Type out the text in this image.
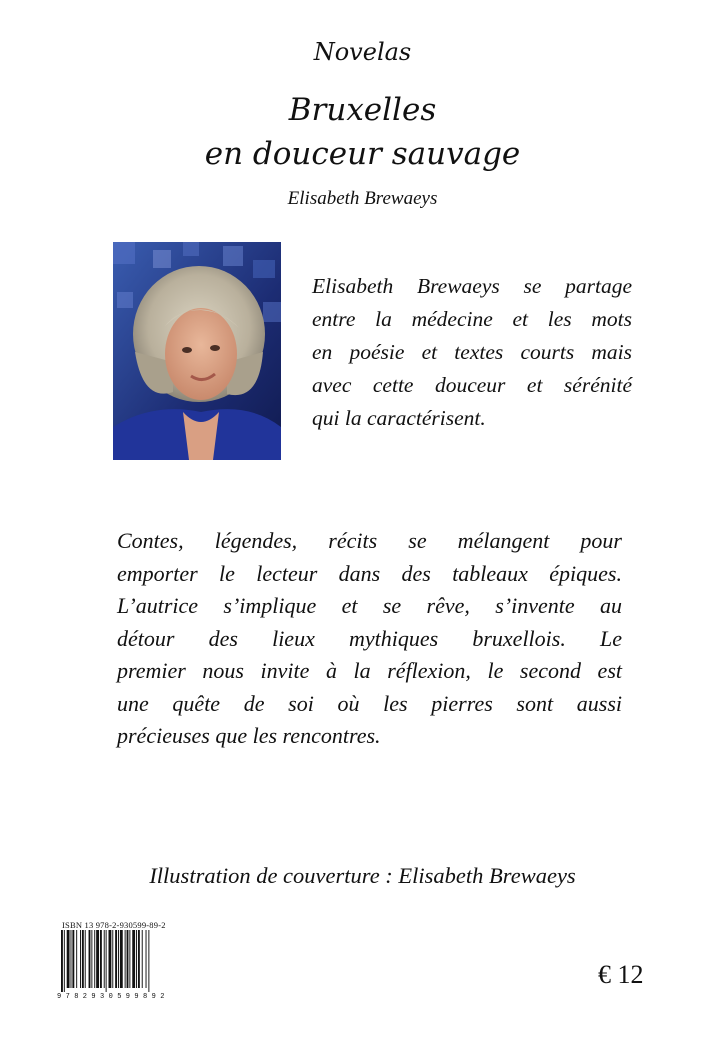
Novelas
Bruxelles
en douceur sauvage
Elisabeth Brewaeys
Elisabeth Brewaeys se partage
entre la médecine et les mots
en poésie et textes courts mais
avec cette douceur et sérénité
qui la caractérisent.
Contes, légendes, récits se mélangent pour
emporter le lecteur dans des tableaux épiques.
L’autrice s’implique et se rêve, s’invente au
détour des lieux mythiques bruxellois. Le
premier nous invite à la réflexion, le second est
une quête de soi où les pierres sont aussi
précieuses que les rencontres.
Illustration de couverture : Elisabeth Brewaeys
ISBN 13 978-2-930599-89-2
9782930599892
€ 12
